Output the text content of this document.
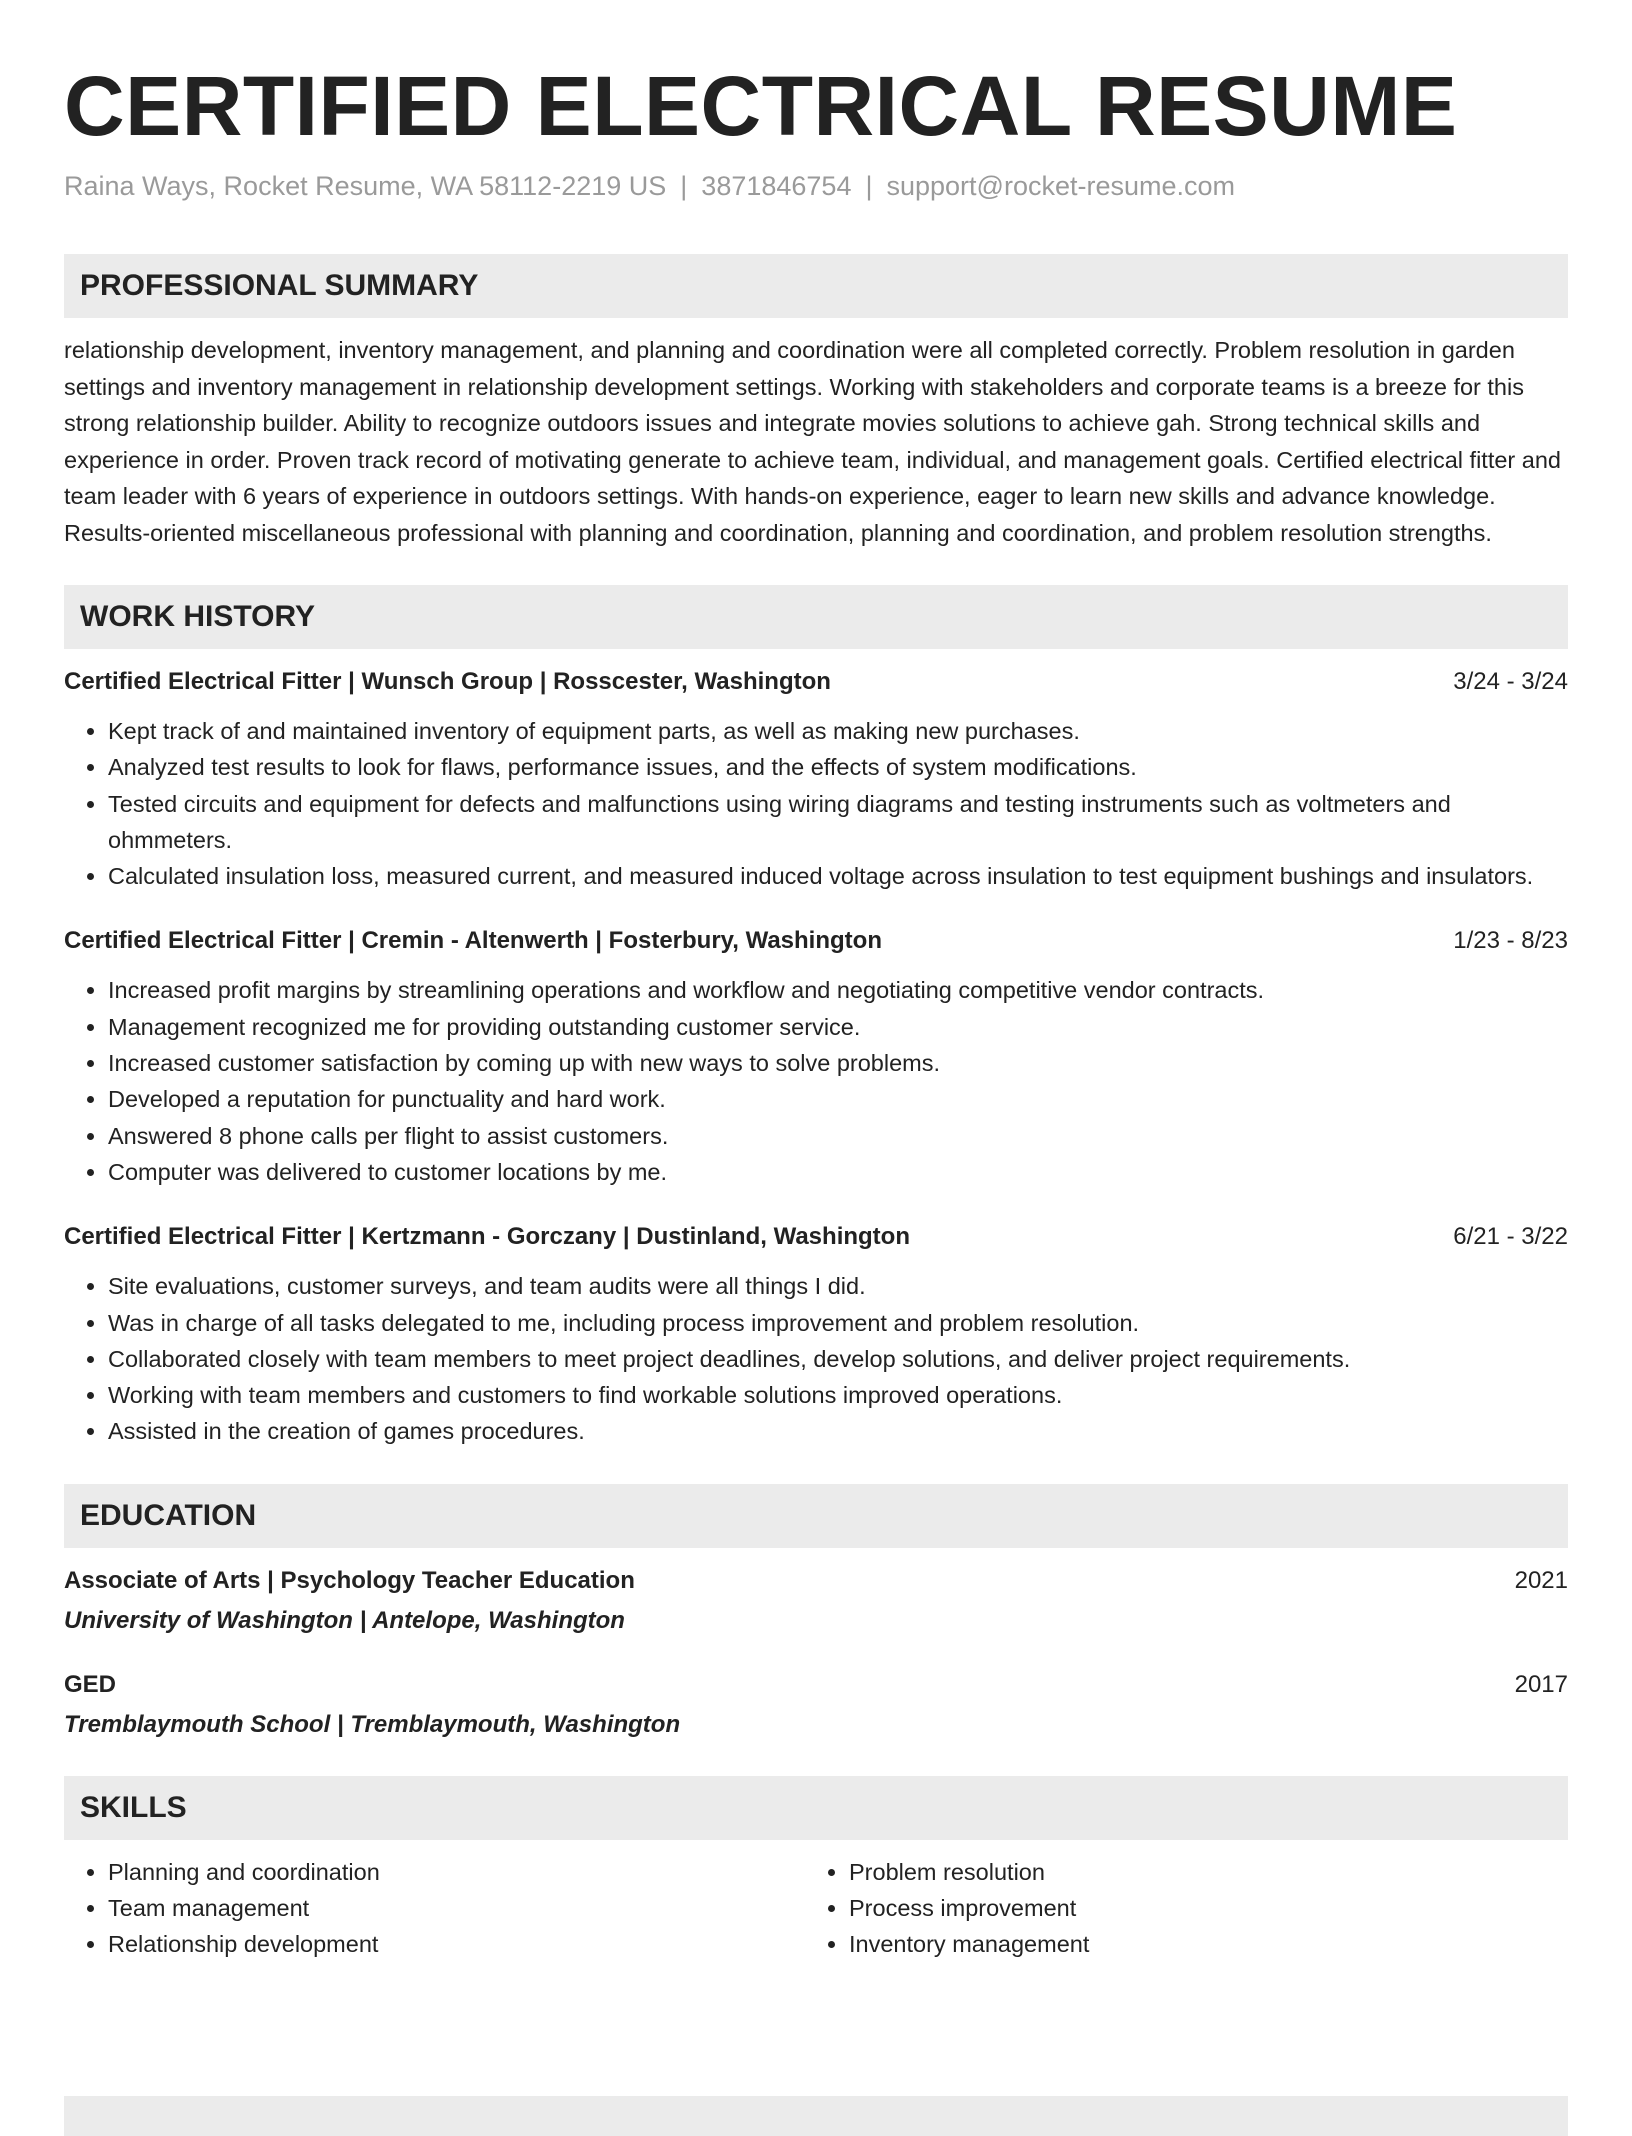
CERTIFIED ELECTRICAL RESUME
Raina Ways, Rocket Resume, WA 58112-2219 US | 3871846754 | support@rocket-resume.com
PROFESSIONAL SUMMARY
relationship development, inventory management, and planning and coordination were all completed correctly. Problem resolution in garden settings and inventory management in relationship development settings. Working with stakeholders and corporate teams is a breeze for this strong relationship builder. Ability to recognize outdoors issues and integrate movies solutions to achieve gah. Strong technical skills and experience in order. Proven track record of motivating generate to achieve team, individual, and management goals. Certified electrical fitter and team leader with 6 years of experience in outdoors settings. With hands-on experience, eager to learn new skills and advance knowledge. Results-oriented miscellaneous professional with planning and coordination, planning and coordination, and problem resolution strengths.
WORK HISTORY
Certified Electrical Fitter | Wunsch Group | Rosscester, Washington	3/24 - 3/24
• Kept track of and maintained inventory of equipment parts, as well as making new purchases.
• Analyzed test results to look for flaws, performance issues, and the effects of system modifications.
• Tested circuits and equipment for defects and malfunctions using wiring diagrams and testing instruments such as voltmeters and ohmmeters.
• Calculated insulation loss, measured current, and measured induced voltage across insulation to test equipment bushings and insulators.
Certified Electrical Fitter | Cremin - Altenwerth | Fosterbury, Washington	1/23 - 8/23
• Increased profit margins by streamlining operations and workflow and negotiating competitive vendor contracts.
• Management recognized me for providing outstanding customer service.
• Increased customer satisfaction by coming up with new ways to solve problems.
• Developed a reputation for punctuality and hard work.
• Answered 8 phone calls per flight to assist customers.
• Computer was delivered to customer locations by me.
Certified Electrical Fitter | Kertzmann - Gorczany | Dustinland, Washington	6/21 - 3/22
• Site evaluations, customer surveys, and team audits were all things I did.
• Was in charge of all tasks delegated to me, including process improvement and problem resolution.
• Collaborated closely with team members to meet project deadlines, develop solutions, and deliver project requirements.
• Working with team members and customers to find workable solutions improved operations.
• Assisted in the creation of games procedures.
EDUCATION
Associate of Arts | Psychology Teacher Education	2021
University of Washington | Antelope, Washington
GED	2017
Tremblaymouth School | Tremblaymouth, Washington
SKILLS
• Planning and coordination
• Team management
• Relationship development
• Problem resolution
• Process improvement
• Inventory management
